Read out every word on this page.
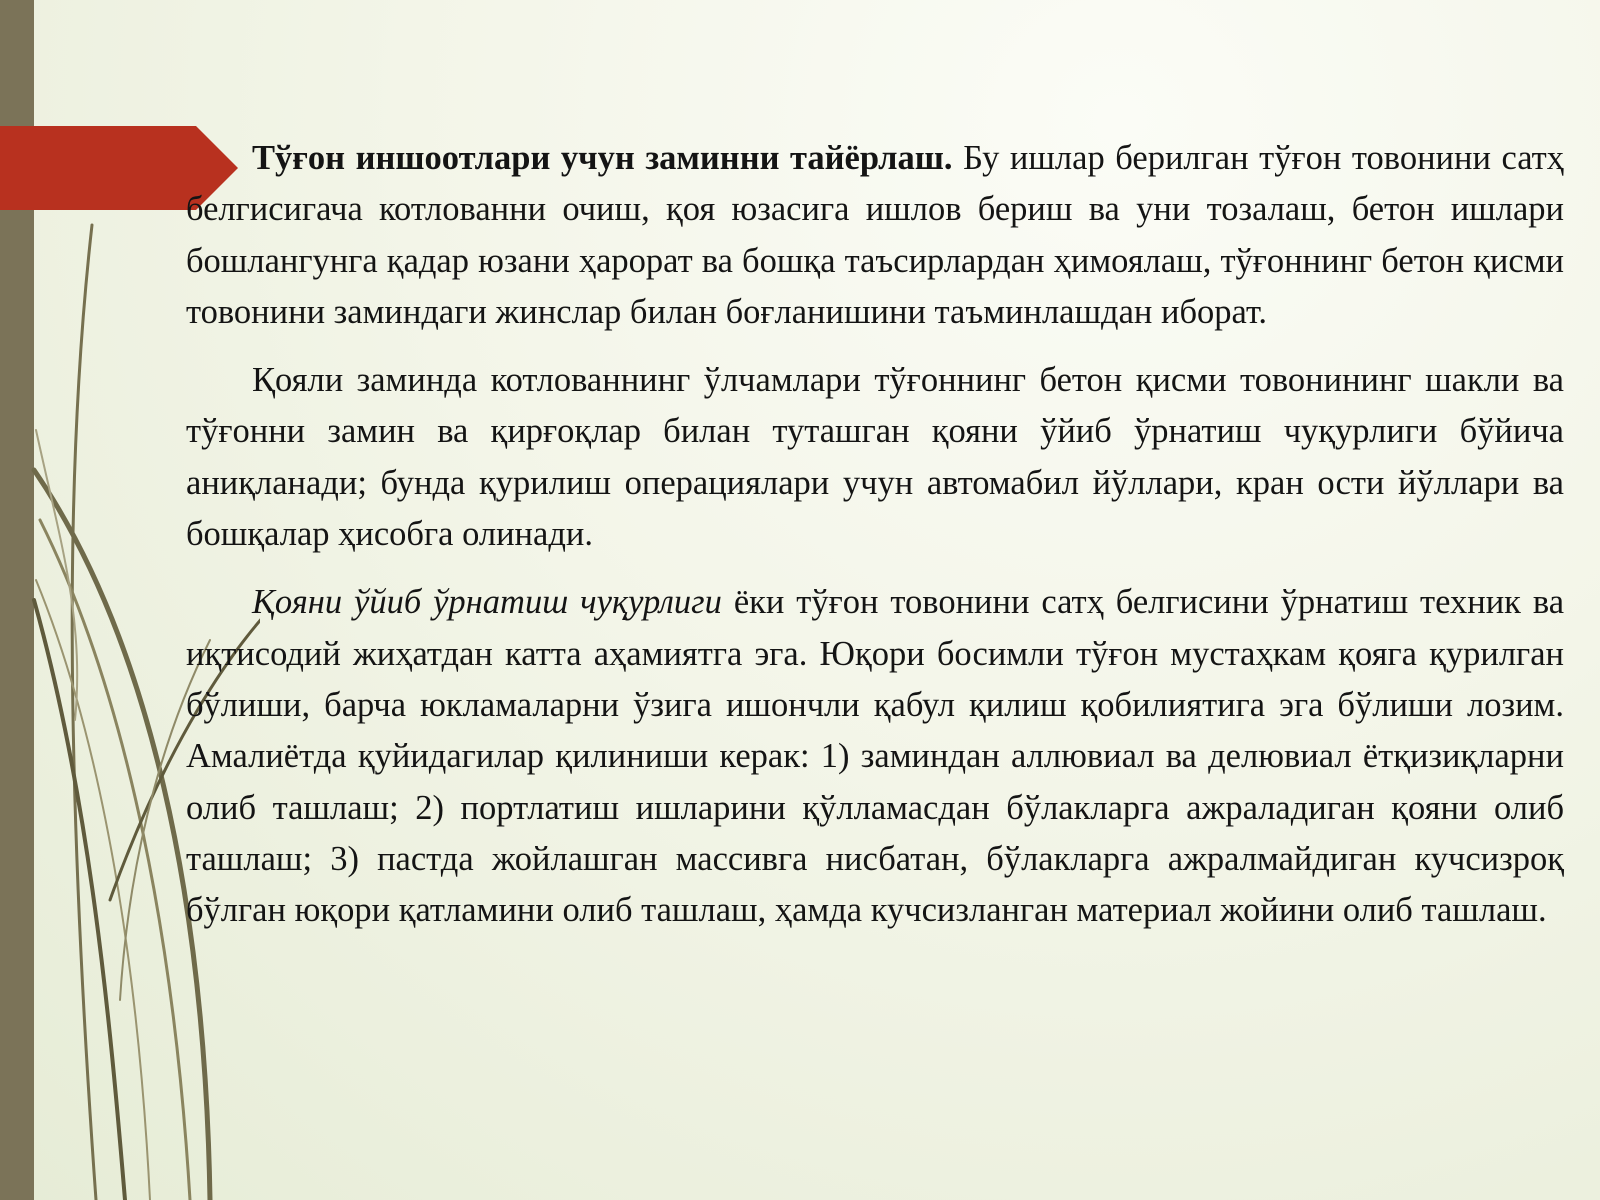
Тўғон иншоотлари учун заминни тайёрлаш. Бу ишлар берилган тўғон товонини сатҳ белгисигача котлованни очиш, қоя юзасига ишлов бериш ва уни тозалаш, бетон ишлари бошлангунга қадар юзани ҳарорат ва бошқа таъсирлардан ҳимоялаш, тўғоннинг бетон қисми товонини заминдаги жинслар билан боғланишини таъминлашдан иборат.

Қояли заминда котлованнинг ўлчамлари тўғоннинг бетон қисми товонининг шакли ва тўғонни замин ва қирғоқлар билан туташган қояни ўйиб ўрнатиш чуқурлиги бўйича аниқланади; бунда қурилиш операциялари учун автомабил йўллари, кран ости йўллари ва бошқалар ҳисобга олинади.

Қояни ўйиб ўрнатиш чуқурлиги ёки тўғон товонини сатҳ белгисини ўрнатиш техник ва иқтисодий жиҳатдан катта аҳамиятга эга. Юқори босимли тўғон мустаҳкам қояга қурилган бўлиши, барча юкламаларни ўзига ишончли қабул қилиш қобилиятига эга бўлиши лозим. Амалиётда қуйидагилар қилиниши керак: 1) заминдан аллювиал ва делювиал ётқизиқларни олиб ташлаш; 2) портлатиш ишларини қўлламасдан бўлакларга ажраладиган қояни олиб ташлаш; 3) пастда жойлашган массивга нисбатан, бўлакларга ажралмайдиган кучсизроқ бўлган юқори қатламини олиб ташлаш, ҳамда кучсизланган материал жойини олиб ташлаш.
